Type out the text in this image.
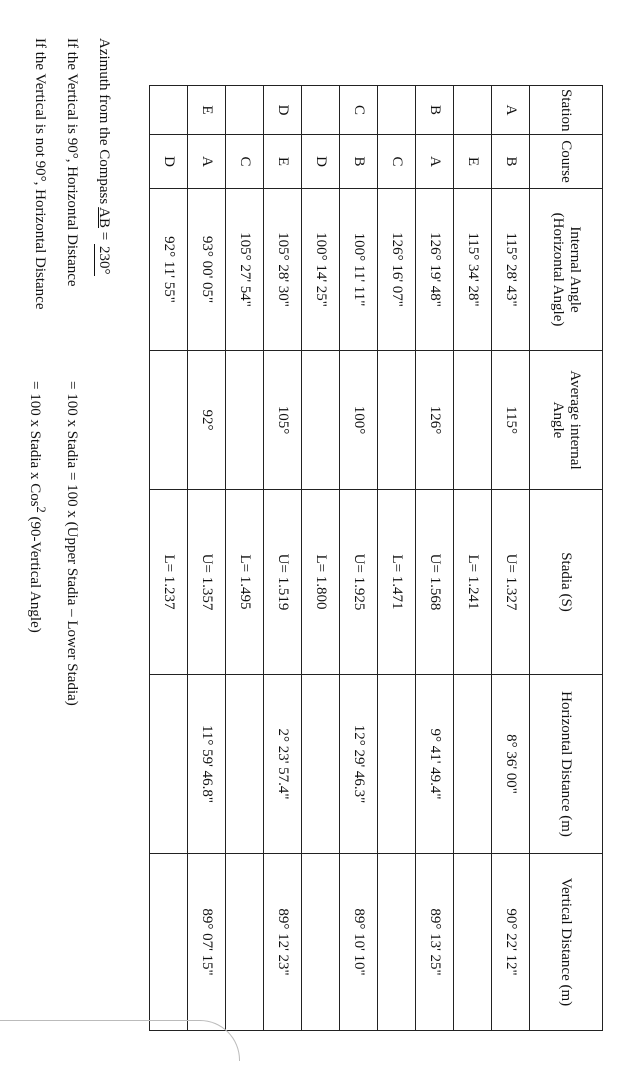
Station	Course	Internal Angle (Horizontal Angle)	Average internal Angle	Stadia (S)	Horizontal Distance (m)	Vertical Distance (m)	
A	B	115° 28' 43"	115°	U= 1.327	8° 36' 00"	90° 22' 12"	
	E	115° 34' 28"		L= 1.241			
B	A	126° 19' 48"	126°	U= 1.568	9° 41' 49.4"	89° 13' 25"	
	C	126° 16' 07"		L= 1.471			
C	B	100° 11' 11"	100°	U= 1.925	12° 29' 46.3"	89° 10' 10"	
	D	100° 14' 25"		L= 1.800			
D	E	105° 28' 30"	105°	U= 1.519	2° 23' 57.4"	89° 12' 23"	
	C	105° 27' 54"		L= 1.495			
E	A	93° 00' 05"	92°	U= 1.357	11° 59' 46.8"	89° 07' 15"	
	D	92° 11' 55"		L= 1.237			
Azimuth from the Compass AB = 230°
If the Vertical is 90°, Horizontal Distance
= 100 x Stadia = 100 x (Upper Stadia – Lower Stadia)
If the Vertical is not 90°, Horizontal Distance
= 100 x Stadia x Cos$^2$ (90-Vertical Angle)
